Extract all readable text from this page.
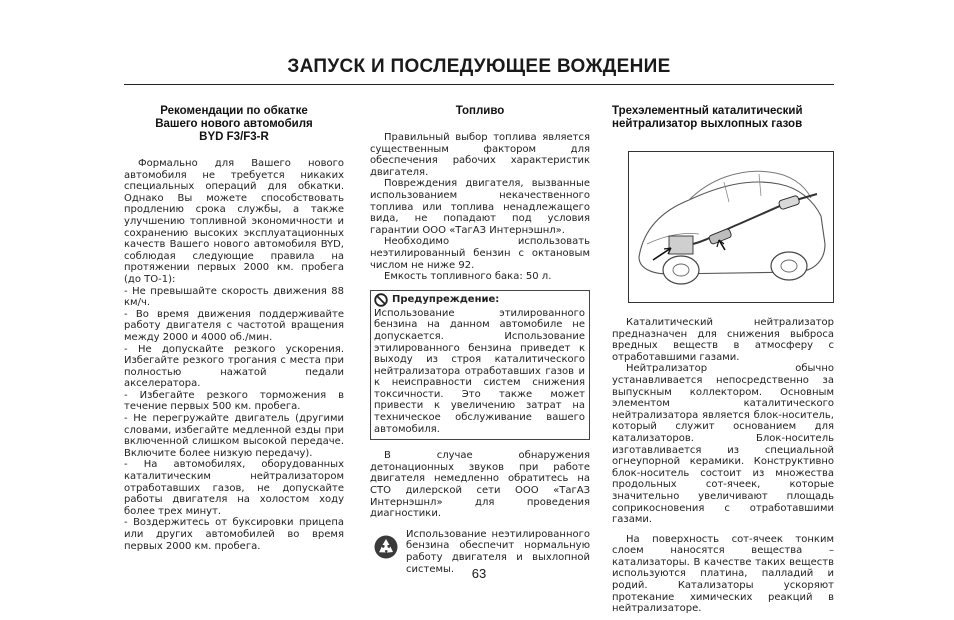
ЗАПУСК И ПОСЛЕДУЮЩЕЕ ВОЖДЕНИЕ
Рекомендации по обкатке
Вашего нового автомобиля
BYD F3/F3-R

Формально для Вашего нового автомобиля не требуется никаких специальных операций для обкатки. Однако Вы можете способствовать продлению срока службы, а также улучшению топливной экономичности и сохранению высоких эксплуатационных качеств Вашего нового автомобиля BYD, соблюдая следующие правила на протяжении первых 2000 км. пробега (до ТО-1):

- Не превышайте скорость движения 88 км/ч.

- Во время движения поддерживайте работу двигателя с частотой вращения между 2000 и 4000 об./мин.

- Не допускайте резкого ускорения. Избегайте резкого трогания с места при полностью нажатой педали акселератора.

- Избегайте резкого торможения в течение первых 500 км. пробега.

- Не перегружайте двигатель (другими словами, избегайте медленной езды при включенной слишком высокой передаче. Включите более низкую передачу).

- На автомобилях, оборудованных каталитическим нейтрализатором отработавших газов, не допускайте работы двигателя на холостом ходу более трех минут.

- Воздержитесь от буксировки прицепа или других автомобилей во время первых 2000 км. пробега.

Топливо

Правильный выбор топлива является существенным фактором для обеспечения рабочих характеристик двигателя.

Повреждения двигателя, вызванные использованием некачественного топлива или топлива ненадлежащего вида, не попадают под условия гарантии ООО «ТагАЗ Интернэшнл».

Необходимо использовать неэтилированный бензин с октановым числом не ниже 92.

Емкость топливного бака: 50 л.

Предупреждение:

Использование этилированного бензина на данном автомобиле не допускается. Использование этилированного бензина приведет к выходу из строя каталитического нейтрализатора отработавших газов и к неисправности систем снижения токсичности. Это также может привести к увеличению затрат на техническое обслуживание вашего автомобиля.

В случае обнаружения детонационных звуков при работе двигателя немедленно обратитесь на СТО дилерской сети ООО «ТагАЗ Интернэшнл» для проведения диагностики.

Использование неэтилированного бензина обеспечит нормальную работу двигателя и выхлопной системы.

Трехэлементный каталитический
нейтрализатор выхлопных газов

Каталитический нейтрализатор предназначен для снижения выброса вредных веществ в атмосферу с отработавшими газами.

Нейтрализатор обычно устанавливается непосредственно за выпускным коллектором. Основным элементом каталитического нейтрализатора является блок-носитель, который служит основанием для катализаторов. Блок-носитель изготавливается из специальной огнеупорной керамики. Конструктивно блок-носитель состоит из множества продольных сот-ячеек, которые значительно увеличивают площадь соприкосновения с отработавшими газами.

На поверхность сот-ячеек тонким слоем наносятся вещества – катализаторы. В качестве таких веществ используются платина, палладий и родий. Катализаторы ускоряют протекание химических реакций в нейтрализаторе.

63
